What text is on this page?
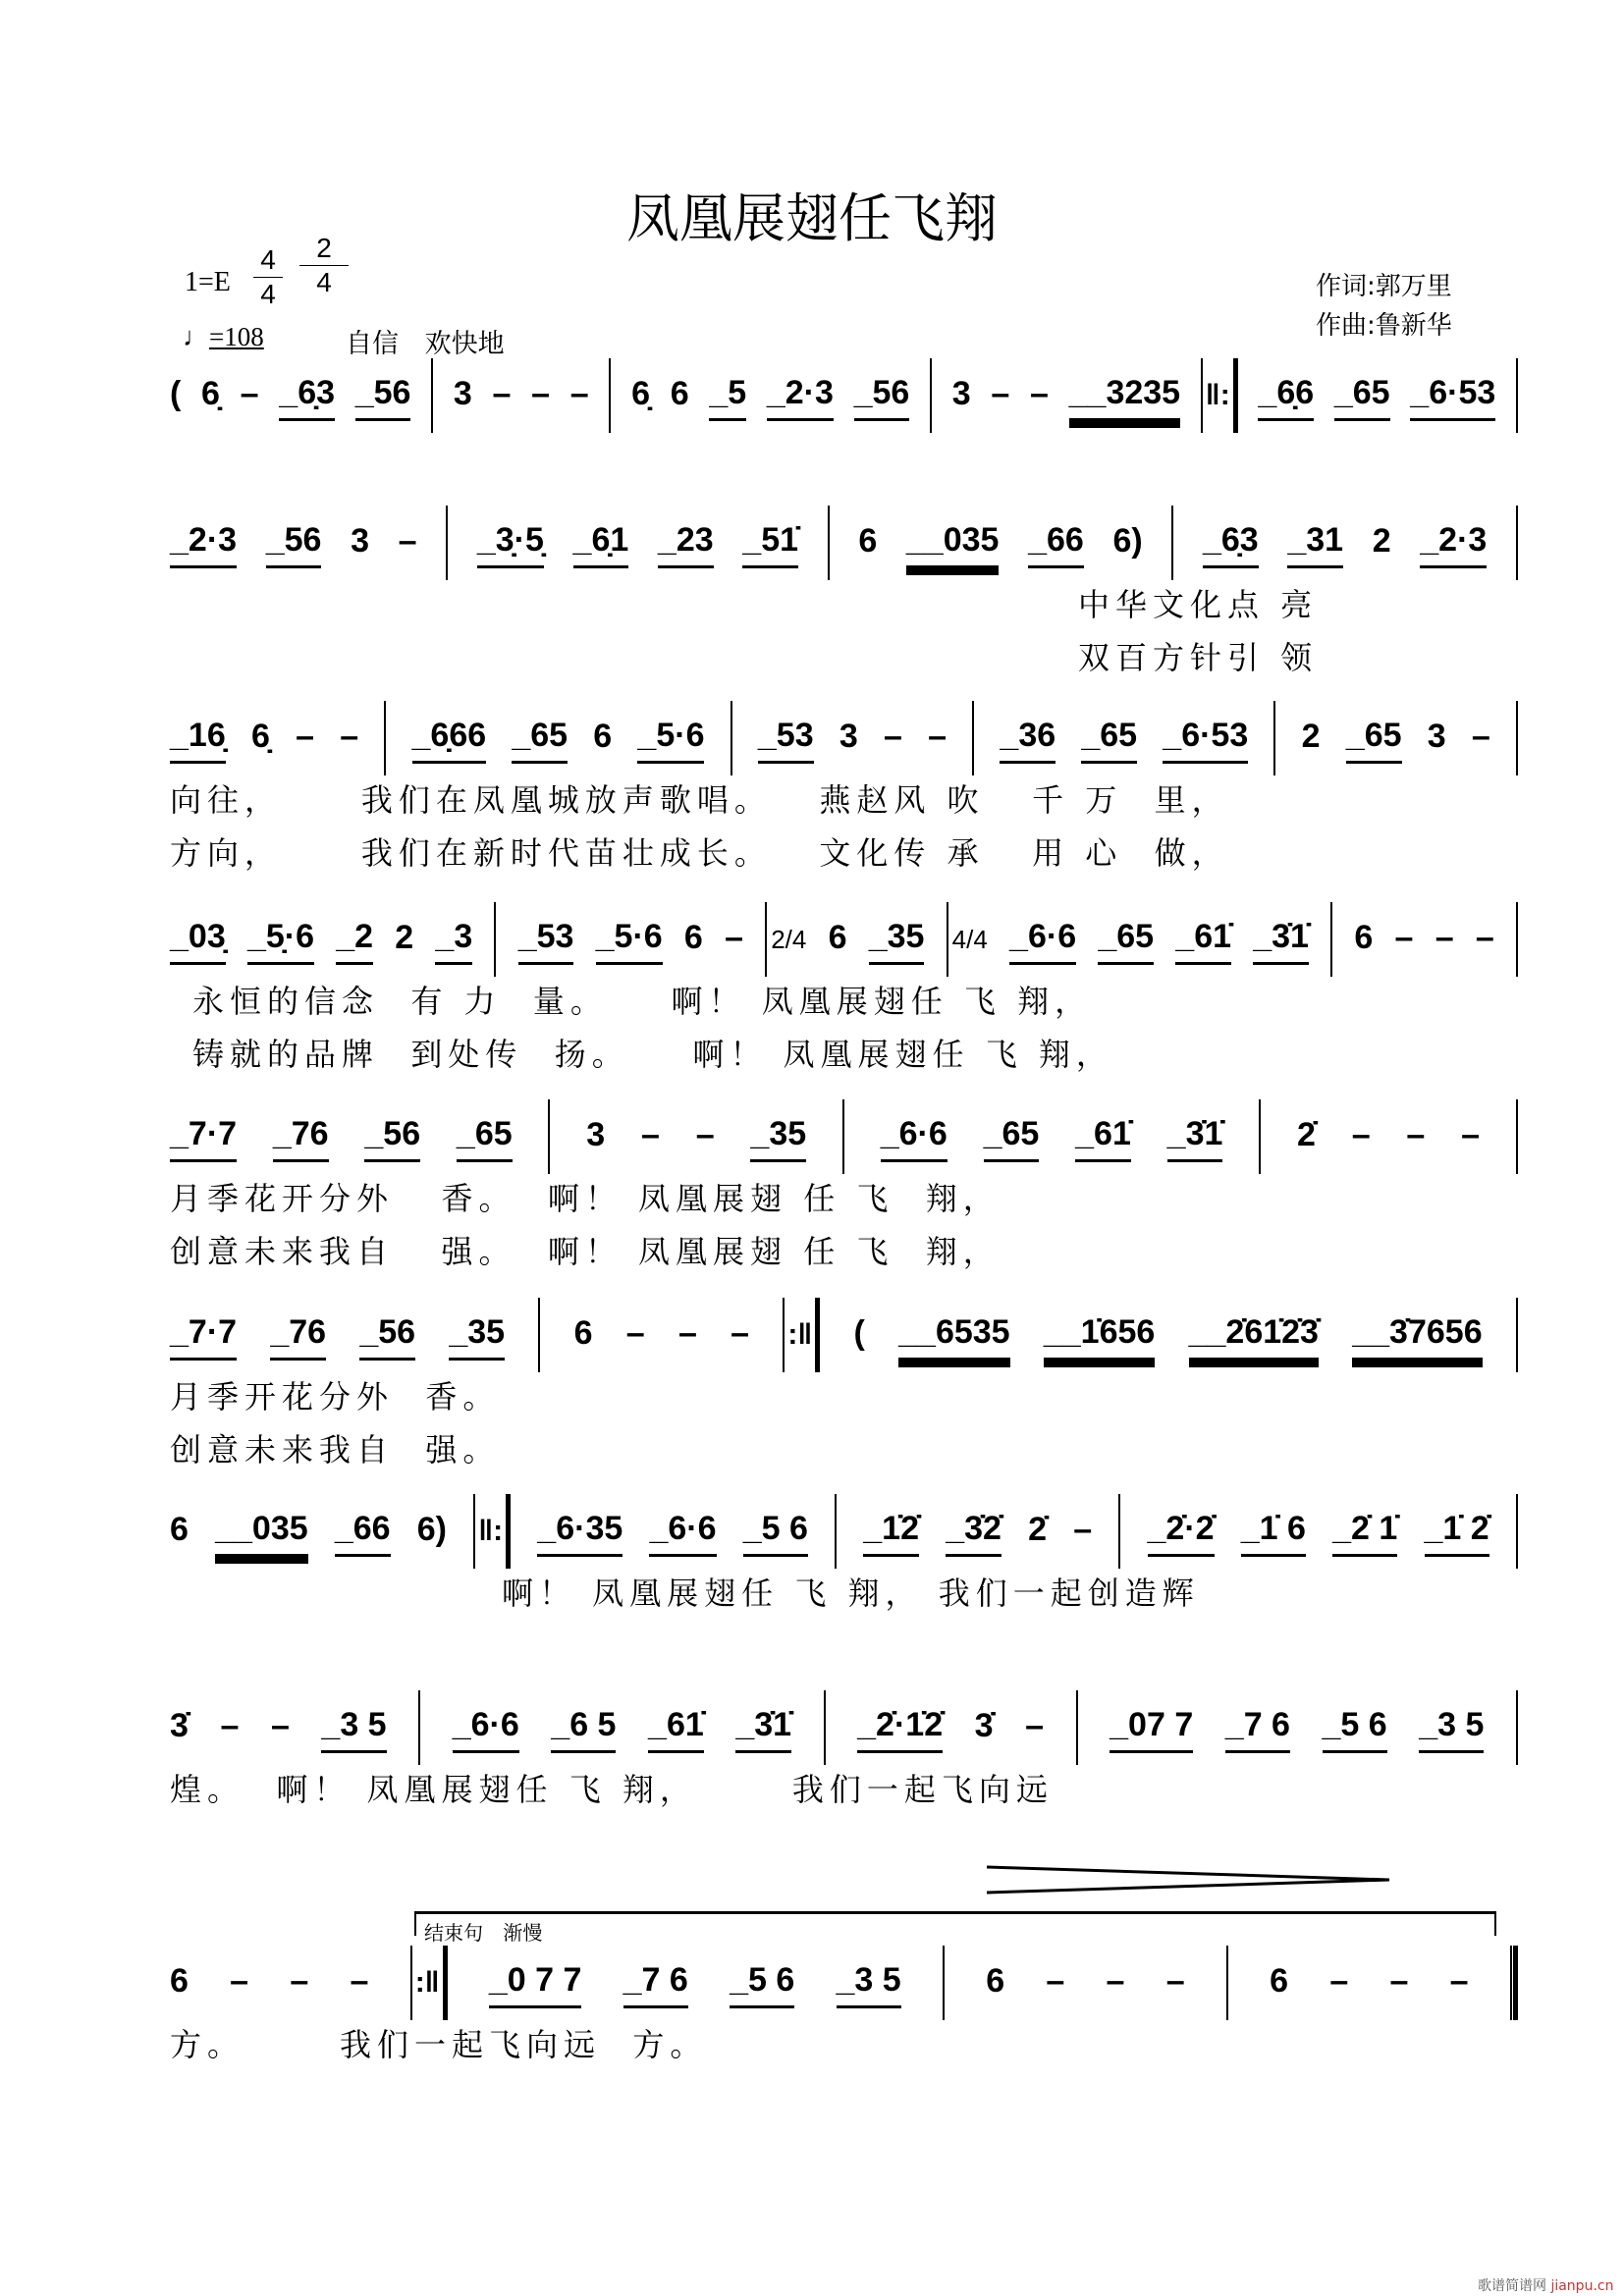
凤凰展翅任飞翔
1=E
4
4
2
4
♩=108	自信 欢快地
作词:郭万里
作曲:鲁新华
( 6̣ – _6̣3 _56 3 – – – 6̣ 6 _5 _2·3 _56 3 – – __3235 ‖: _6̣6 _65 _6·53
_2·3 _56 3 – _3̣·5̣ _6̣1 _23 _51̇ 6 __035 _66 6) _6̣3 _31 2 _2·3
中华文化点 亮
双百方针引 领
_16̣ 6̣ – – _6̣66 _65 6 _5·6 _53 3 – – _36 _65 _6·53 2 _65 3 –
向往，     我们在凤凰城放声歌唱。   燕赵风 吹   千 万  里，
方向，     我们在新时代苗壮成长。   文化传 承   用 心  做，
_03̣ _5̣·6 _2 2 _3 _53 _5·6 6 – 2/4 6 _35 4/4 _6·6 _65 _61̇ _3̇1̇ 6 – – –
永恒的信念  有 力  量。    啊！ 凤凰展翅任 飞 翔，
铸就的品牌  到处传  扬。    啊！ 凤凰展翅任 飞 翔，
_7·7 _76 _56 _65 3 – – _35 _6·6 _65 _61̇ _3̇1̇ 2̇ – – –
月季花开分外   香。  啊！ 凤凰展翅 任 飞  翔，
创意未来我自   强。  啊！ 凤凰展翅 任 飞  翔，
_7·7 _76 _56 _35 6 – – – :‖ ( __6535 __1̇656 __2̇61̇2̇3̇ __3̇7656
月季开花分外  香。
创意未来我自  强。
6 __035 _66 6) ‖: _6·35 _6·6 _5 6 _1̇2̇ _3̇2̇ 2̇ – _2̇·2̇ _1̇ 6 _2̇ 1̇ _1̇ 2̇
啊！ 凤凰展翅任 飞 翔， 我们一起创造辉
3̇ – – _3 5 _6·6 _6 5 _61̇ _3̇1̇ _2̇·1̇2̇ 3̇ – _07 7 _7 6 _5 6 _3 5
煌。  啊！ 凤凰展翅任 飞 翔，      我们一起飞向远
6 – – – :‖ _0 7 7 _7 6 _5 6 _3 5	6 – – –	6 – – –
方。      我们一起飞向远  方。
结束句 渐慢
歌谱简谱网 jianpu.cn
